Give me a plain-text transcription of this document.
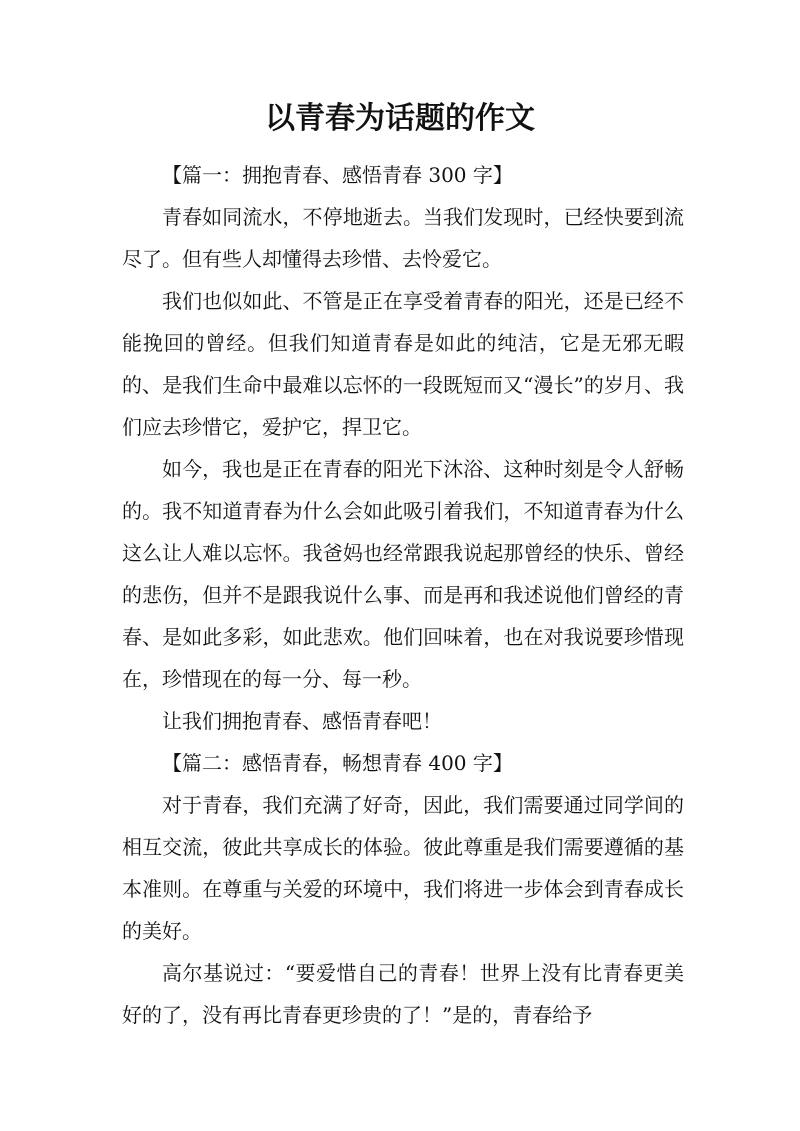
以青春为话题的作文

【篇一：拥抱青春、感悟青春 300 字】

青春如同流水，不停地逝去。当我们发现时，已经快要到流尽了。但有些人却懂得去珍惜、去怜爱它。

我们也似如此、不管是正在享受着青春的阳光，还是已经不能挽回的曾经。但我们知道青春是如此的纯洁，它是无邪无暇的、是我们生命中最难以忘怀的一段既短而又“漫长”的岁月、我们应去珍惜它，爱护它，捍卫它。

如今，我也是正在青春的阳光下沐浴、这种时刻是令人舒畅的。我不知道青春为什么会如此吸引着我们，不知道青春为什么这么让人难以忘怀。我爸妈也经常跟我说起那曾经的快乐、曾经的悲伤，但并不是跟我说什么事、而是再和我述说他们曾经的青春、是如此多彩，如此悲欢。他们回味着，也在对我说要珍惜现在，珍惜现在的每一分、每一秒。

让我们拥抱青春、感悟青春吧！

【篇二：感悟青春，畅想青春 400 字】

对于青春，我们充满了好奇，因此，我们需要通过同学间的相互交流，彼此共享成长的体验。彼此尊重是我们需要遵循的基本准则。在尊重与关爱的环境中，我们将进一步体会到青春成长的美好。

高尔基说过：“要爱惜自己的青春！世界上没有比青春更美好的了，没有再比青春更珍贵的了！”是的，青春给予
